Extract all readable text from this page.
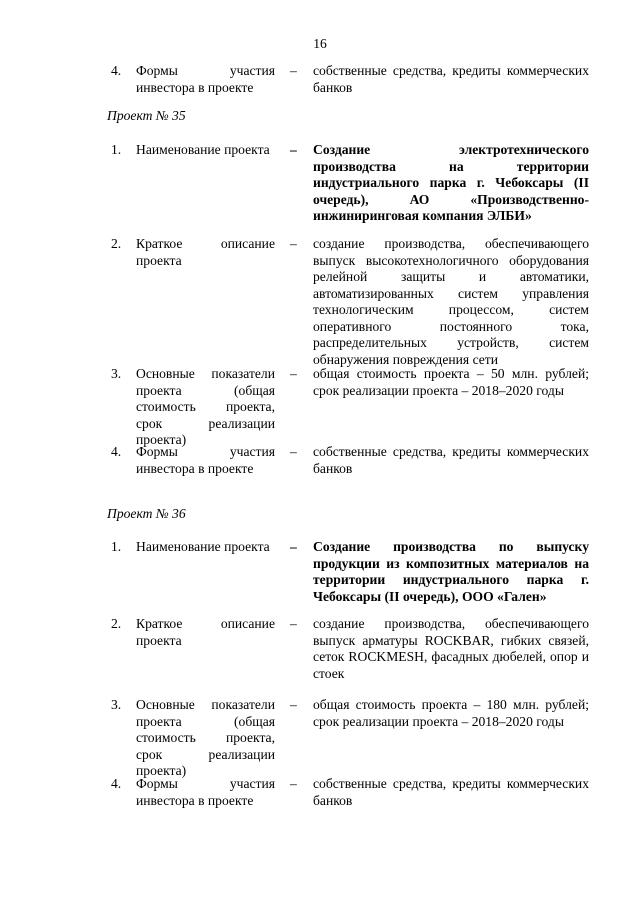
16
4. Формы участия инвестора в проекте
– собственные средства, кредиты коммерческих банков
Проект № 35
1. Наименование проекта	– Создание электротехнического производства на территории индустриального парка г. Чебоксары (II очередь), АО «Производственно-инжиниринговая компания ЭЛБИ»
2. Краткое описание проекта
– создание производства, обеспечивающего выпуск высокотехнологичного оборудования релейной защиты и автоматики, автоматизированных систем управления технологическим процессом, систем оперативного постоянного тока, распределительных устройств, систем обнаружения повреждения сети
3. Основные показатели проекта (общая стоимость проекта, срок реализации проекта)
– общая стоимость проекта – 50 млн. рублей; срок реализации проекта – 2018–2020 годы
4. Формы участия инвестора в проекте
– собственные средства, кредиты коммерческих банков
Проект № 36
1. Наименование проекта	– Создание производства по выпуску продукции из композитных материалов на территории индустриального парка г. Чебоксары (II очередь), ООО «Гален»
2. Краткое описание проекта
– создание производства, обеспечивающего выпуск арматуры ROCKBAR, гибких связей, сеток ROCKMESH, фасадных дюбелей, опор и стоек
3. Основные показатели проекта (общая стоимость проекта, срок реализации проекта)
– общая стоимость проекта – 180 млн. рублей; срок реализации проекта – 2018–2020 годы
4. Формы участия инвестора в проекте
– собственные средства, кредиты коммерческих банков
